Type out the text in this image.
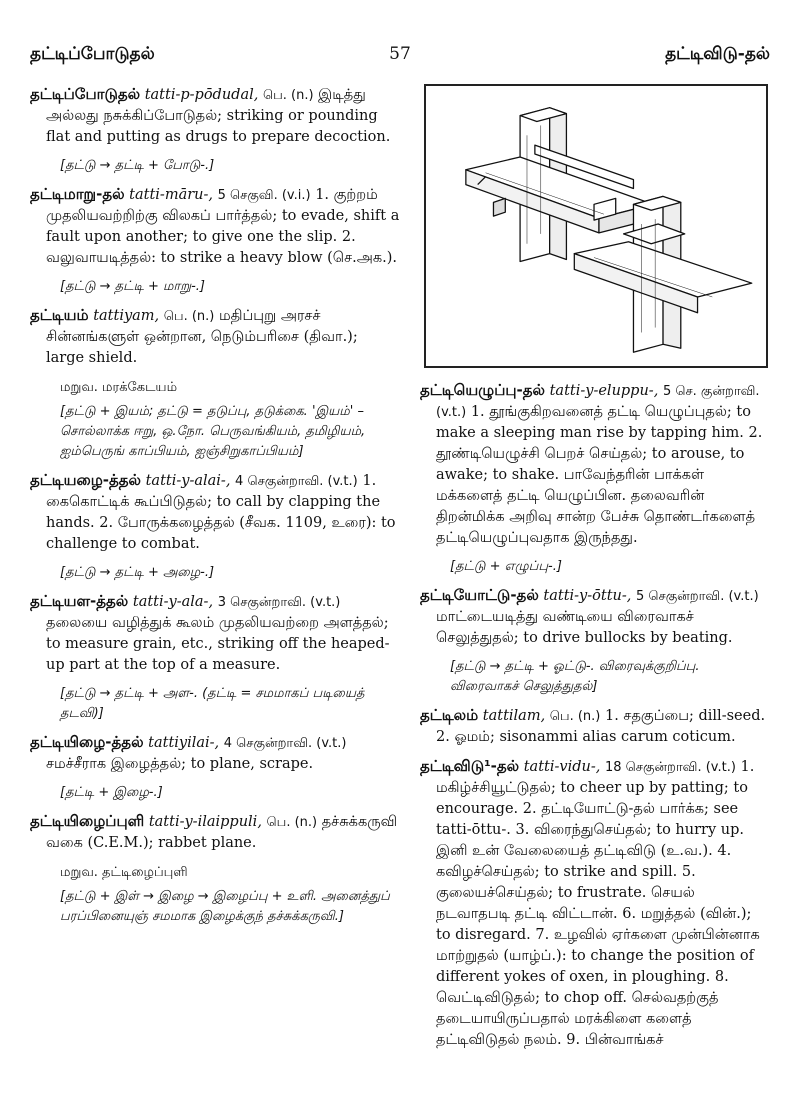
தட்டிப்போடுதல்	57	தட்டிவிடு-தல்

தட்டிப்போடுதல் tatti-p-pōdudal, பெ. (n.) இடித்து அல்லது நசுக்கிப்போடுதல்; striking or pounding flat and putting as drugs to prepare decoction.

[தட்டு → தட்டி + போடு-.]

தட்டிமாறு-தல் tatti-māru-, 5 செகுவி. (v.i.) 1. குற்றம் முதலியவற்றிற்கு விலகப் பார்த்தல்; to evade, shift a fault upon another; to give one the slip. 2. வலுவாயடித்தல்: to strike a heavy blow (செ.அக.).

[தட்டு → தட்டி + மாறு-.]

தட்டியம் tattiyam, பெ. (n.) மதிப்புறு அரசச் சின்னங்களுள் ஒன்றான, நெடும்பரிசை (திவா.); large shield.

மறுவ. மரக்கேடயம்

[தட்டு + இயம்; தட்டு = தடுப்பு, தடுக்கை. 'இயம்' – சொல்லாக்க ஈறு, ஒ.நோ. பெருவங்கியம், தமிழியம், ஐம்பெருங் காப்பியம், ஐஞ்சிறுகாப்பியம்]

தட்டியழை-த்தல் tatti-y-alai-, 4 செகுன்றாவி. (v.t.) 1. கைகொட்டிக் கூப்பிடுதல்; to call by clapping the hands. 2. போருக்கழைத்தல் (சீவக. 1109, உரை): to challenge to combat.

[தட்டு → தட்டி + அழை-.]

தட்டியள-த்தல் tatti-y-ala-, 3 செகுன்றாவி. (v.t.) தலையை வழித்துக் கூலம் முதலியவற்றை அளத்தல்; to measure grain, etc., striking off the heaped-up part at the top of a measure.

[தட்டு → தட்டி + அள-. (தட்டி = சமமாகப் படியைத் தடவி)]

தட்டியிழை-த்தல் tattiyilai-, 4 செகுன்றாவி. (v.t.) சமச்சீராக இழைத்தல்; to plane, scrape.

[தட்டி + இழை-.]

தட்டியிழைப்புளி tatti-y-ilaippuli, பெ. (n.) தச்சுக்கருவி வகை (C.E.M.); rabbet plane.

மறுவ. தட்டிழைப்புளி

[தட்டு + இள் → இழை → இழைப்பு + உளி. அனைத்துப் பரப்பினையுஞ் சமமாக இழைக்குந் தச்சுக்கருவி.]

தட்டியெழுப்பு-தல் tatti-y-eluppu-, 5 செ. குன்றாவி. (v.t.) 1. தூங்குகிறவனைத் தட்டி யெழுப்புதல்; to make a sleeping man rise by tapping him. 2. தூண்டியெழுச்சி பெறச் செய்தல்; to arouse, to awake; to shake. பாவேந்தரின் பாக்கள் மக்களைத் தட்டி யெழுப்பின. தலைவரின் திறன்மிக்க அறிவு சான்ற பேச்சு தொண்டர்களைத் தட்டியெழுப்புவதாக இருந்தது.

[தட்டு + எழுப்பு-.]

தட்டியோட்டு-தல் tatti-y-ōttu-, 5 செகுன்றாவி. (v.t.) மாட்டையடித்து வண்டியை விரைவாகச் செலுத்துதல்; to drive bullocks by beating.

[தட்டு → தட்டி + ஓட்டு-. விரைவுக்குறிப்பு. விரைவாகச் செலுத்துதல்]

தட்டிலம் tattilam, பெ. (n.) 1. சதகுப்பை; dill-seed. 2. ஓமம்; sisonammi alias carum coticum.

தட்டிவிடு¹-தல் tatti-vidu-, 18 செகுன்றாவி. (v.t.) 1. மகிழ்ச்சியூட்டுதல்; to cheer up by patting; to encourage. 2. தட்டியோட்டு-தல் பார்க்க; see tatti-ōttu-. 3. விரைந்துசெய்தல்; to hurry up. இனி உன் வேலையைத் தட்டிவிடு (உ.வ.). 4. கவிழச்செய்தல்; to strike and spill. 5. குலையச்செய்தல்; to frustrate. செயல் நடவாதபடி தட்டி விட்டான். 6. மறுத்தல் (வின்.); to disregard. 7. உழவில் ஏர்களை முன்பின்னாக மாற்றுதல் (யாழ்ப்.): to change the position of different yokes of oxen, in ploughing. 8. வெட்டிவிடுதல்; to chop off. செல்வதற்குத் தடையாயிருப்பதால் மரக்கிளை களைத் தட்டிவிடுதல் நலம். 9. பின்வாங்கச்
